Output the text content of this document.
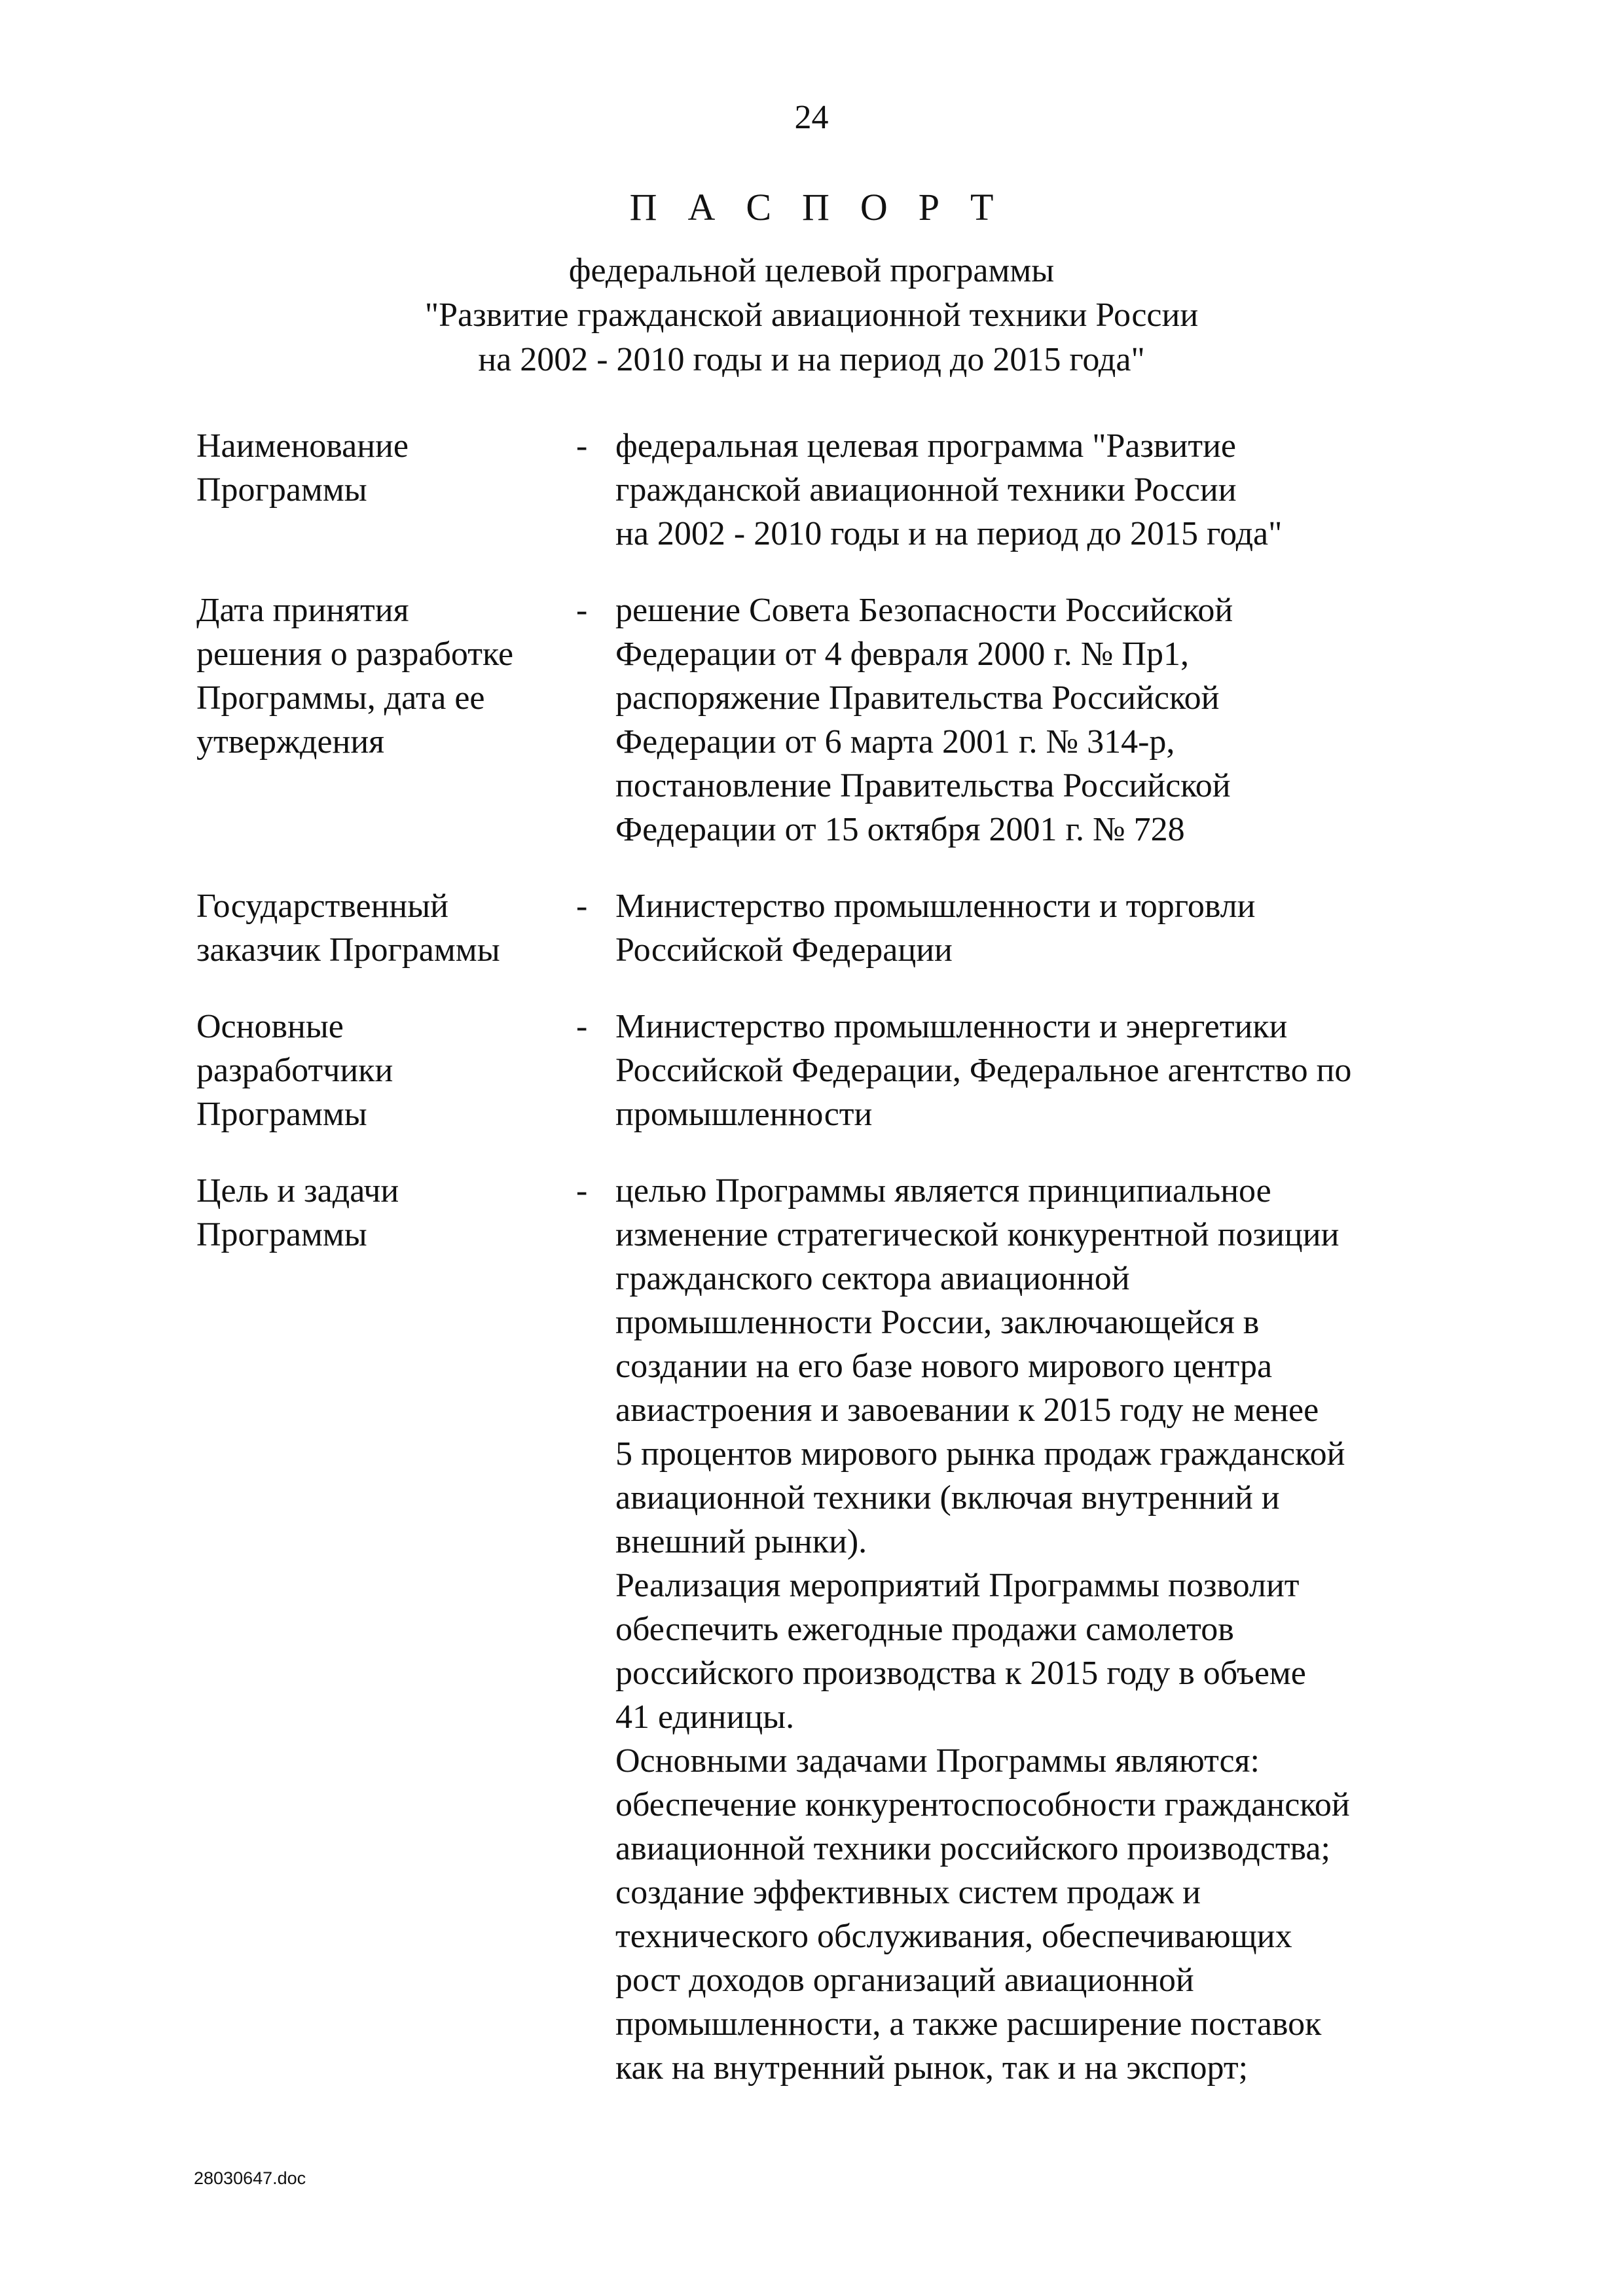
24
П А С П О Р Т
федеральной целевой программы
"Развитие гражданской авиационной техники России
на 2002 - 2010 годы и на период до 2015 года"
Наименование
Программы
- федеральная целевая программа "Развитие
гражданской авиационной техники России
на 2002 - 2010 годы и на период до 2015 года"
Дата принятия
решения о разработке
Программы, дата ее
утверждения
- решение Совета Безопасности Российской
Федерации от 4 февраля 2000 г. № Пр1,
распоряжение Правительства Российской
Федерации от 6 марта 2001 г. № 314-р,
постановление Правительства Российской
Федерации от 15 октября 2001 г. № 728
Государственный
заказчик Программы
- Министерство промышленности и торговли
Российской Федерации
Основные
разработчики
Программы
- Министерство промышленности и энергетики
Российской Федерации, Федеральное агентство по
промышленности
Цель и задачи
Программы
- целью Программы является принципиальное
изменение стратегической конкурентной позиции
гражданского сектора авиационной
промышленности России, заключающейся в
создании на его базе нового мирового центра
авиастроения и завоевании к 2015 году не менее
5 процентов мирового рынка продаж гражданской
авиационной техники (включая внутренний и
внешний рынки).
Реализация мероприятий Программы позволит
обеспечить ежегодные продажи самолетов
российского производства к 2015 году в объеме
41 единицы.
Основными задачами Программы являются:
обеспечение конкурентоспособности гражданской
авиационной техники российского производства;
создание эффективных систем продаж и
технического обслуживания, обеспечивающих
рост доходов организаций авиационной
промышленности, а также расширение поставок
как на внутренний рынок, так и на экспорт;
28030647.doc
